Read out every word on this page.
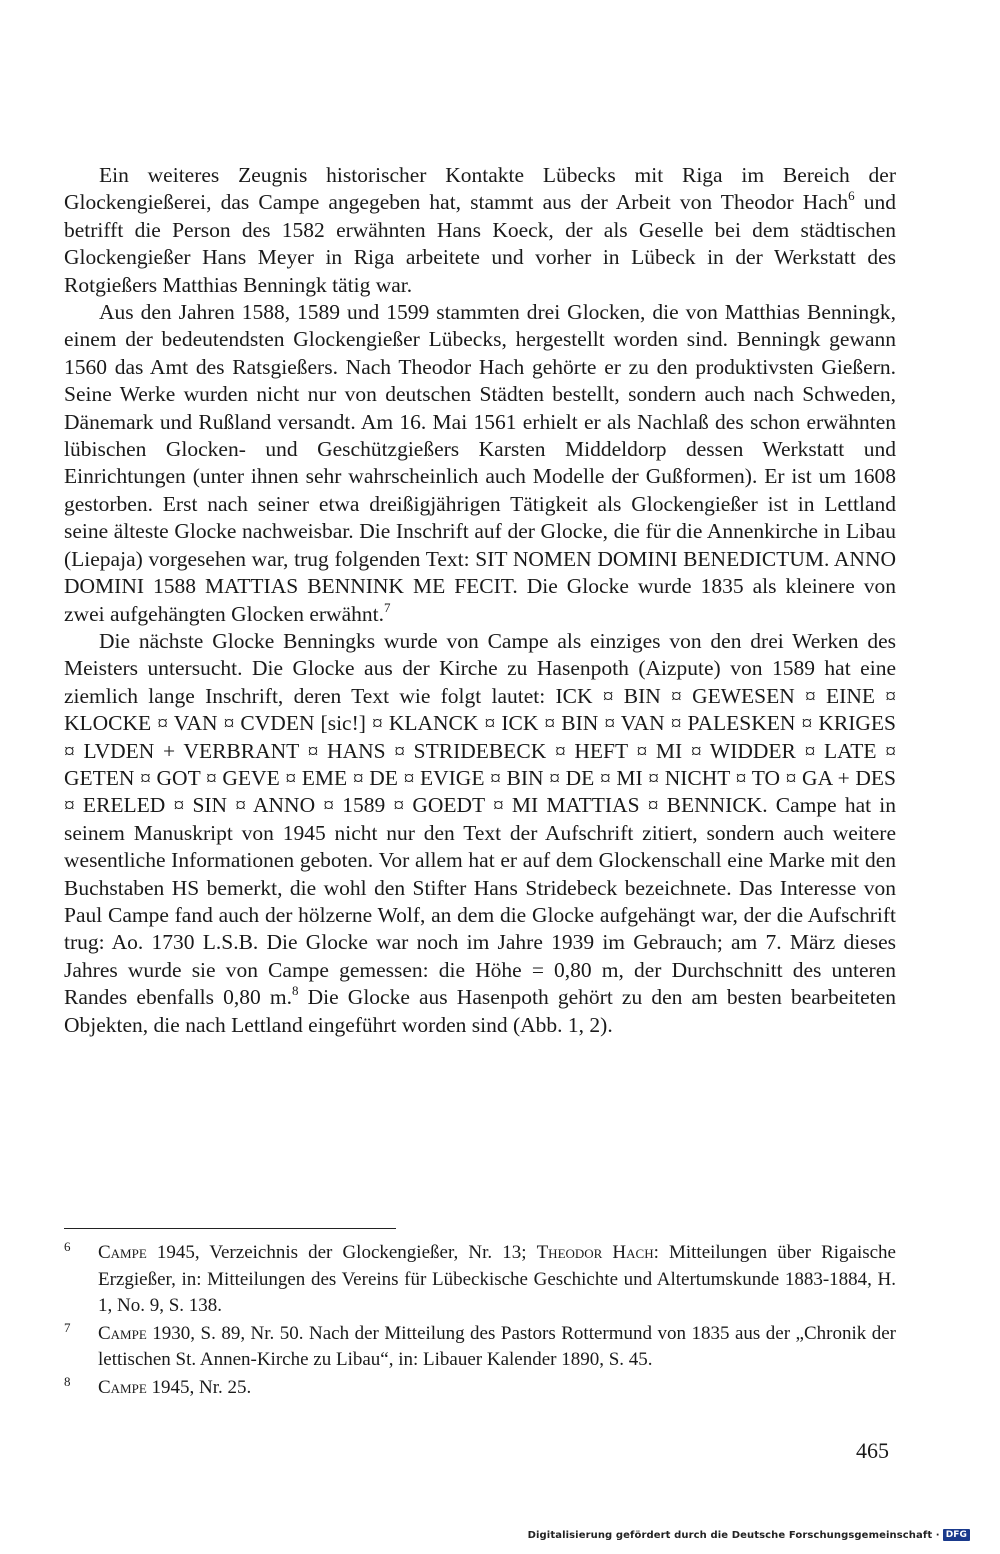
Ein weiteres Zeugnis historischer Kontakte Lübecks mit Riga im Bereich der Glockengießerei, das Campe angegeben hat, stammt aus der Arbeit von Theodor Hach$^6$ und betrifft die Person des 1582 erwähnten Hans Koeck, der als Geselle bei dem städtischen Glockengießer Hans Meyer in Riga arbeitete und vorher in Lübeck in der Werkstatt des Rotgießers Matthias Benningk tätig war.

Aus den Jahren 1588, 1589 und 1599 stammten drei Glocken, die von Matthias Benningk, einem der bedeutendsten Glockengießer Lübecks, hergestellt worden sind. Benningk gewann 1560 das Amt des Ratsgießers. Nach Theodor Hach gehörte er zu den produktivsten Gießern. Seine Werke wurden nicht nur von deutschen Städten bestellt, sondern auch nach Schweden, Dänemark und Rußland versandt. Am 16. Mai 1561 erhielt er als Nachlaß des schon erwähnten lübischen Glocken- und Geschützgießers Karsten Middeldorp dessen Werkstatt und Einrichtungen (unter ihnen sehr wahrscheinlich auch Modelle der Gußformen). Er ist um 1608 gestorben. Erst nach seiner etwa dreißigjährigen Tätigkeit als Glockengießer ist in Lettland seine älteste Glocke nachweisbar. Die Inschrift auf der Glocke, die für die Annenkirche in Libau (Liepaja) vorgesehen war, trug folgenden Text: SIT NOMEN DOMINI BENEDICTUM. ANNO DOMINI 1588 MATTIAS BENNINK ME FECIT. Die Glocke wurde 1835 als kleinere von zwei aufgehängten Glocken erwähnt.$^7$

Die nächste Glocke Benningks wurde von Campe als einziges von den drei Werken des Meisters untersucht. Die Glocke aus der Kirche zu Hasenpoth (Aizpute) von 1589 hat eine ziemlich lange Inschrift, deren Text wie folgt lautet: ICK ¤ BIN ¤ GEWESEN ¤ EINE ¤ KLOCKE ¤ VAN ¤ CVDEN [sic!] ¤ KLANCK ¤ ICK ¤ BIN ¤ VAN ¤ PALESKEN ¤ KRIGES ¤ LVDEN + VERBRANT ¤ HANS ¤ STRIDEBECK ¤ HEFT ¤ MI ¤ WIDDER ¤ LATE ¤ GETEN ¤ GOT ¤ GEVE ¤ EME ¤ DE ¤ EVIGE ¤ BIN ¤ DE ¤ MI ¤ NICHT ¤ TO ¤ GA + DES ¤ ERELED ¤ SIN ¤ ANNO ¤ 1589 ¤ GOEDT ¤ MI MATTIAS ¤ BENNICK. Campe hat in seinem Manuskript von 1945 nicht nur den Text der Aufschrift zitiert, sondern auch weitere wesentliche Informationen geboten. Vor allem hat er auf dem Glockenschall eine Marke mit den Buchstaben HS bemerkt, die wohl den Stifter Hans Stridebeck bezeichnete. Das Interesse von Paul Campe fand auch der hölzerne Wolf, an dem die Glocke aufgehängt war, der die Aufschrift trug: Ao. 1730 L.S.B. Die Glocke war noch im Jahre 1939 im Gebrauch; am 7. März dieses Jahres wurde sie von Campe gemessen: die Höhe = 0,80 m, der Durchschnitt des unteren Randes ebenfalls 0,80 m.$^8$ Die Glocke aus Hasenpoth gehört zu den am besten bearbeiteten Objekten, die nach Lettland eingeführt worden sind (Abb. 1, 2).

6 Campe 1945, Verzeichnis der Glockengießer, Nr. 13; Theodor Hach: Mitteilungen über Rigaische Erzgießer, in: Mitteilungen des Vereins für Lübeckische Geschichte und Altertumskunde 1883-1884, H. 1, No. 9, S. 138.
7 Campe 1930, S. 89, Nr. 50. Nach der Mitteilung des Pastors Rottermund von 1835 aus der „Chronik der lettischen St. Annen-Kirche zu Libau“, in: Libauer Kalender 1890, S. 45.
8 Campe 1945, Nr. 25.
465
Digitalisierung gefördert durch die Deutsche Forschungsgemeinschaft · DFG
